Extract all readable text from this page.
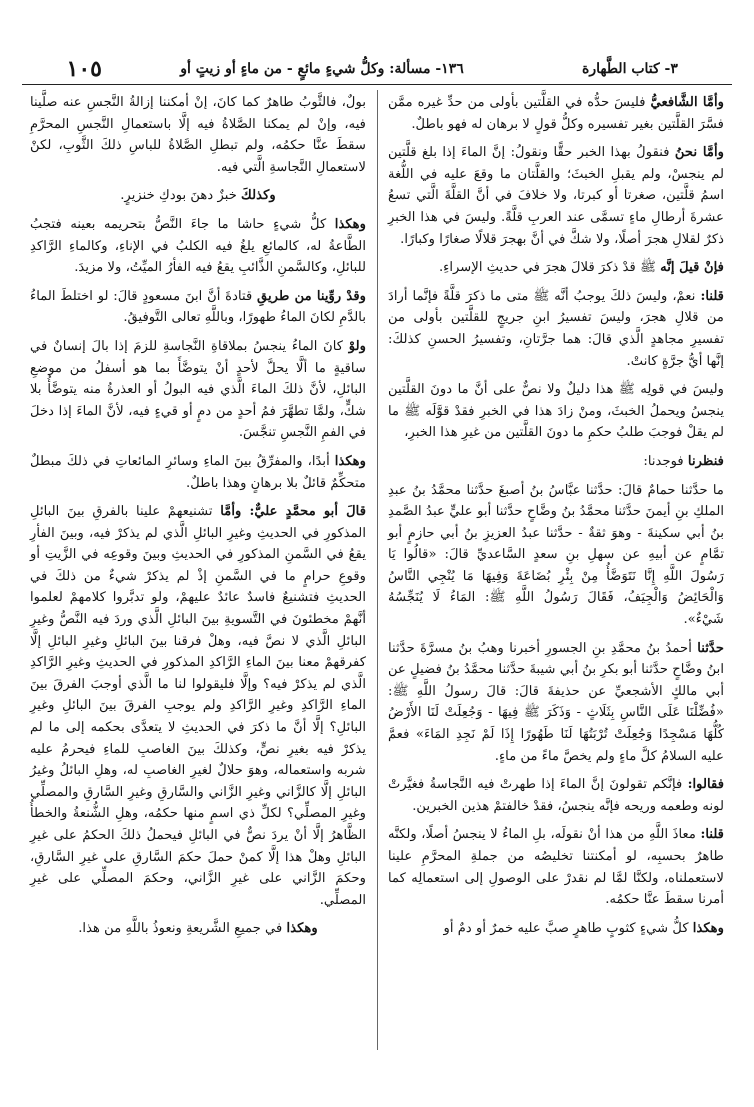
١٠٥	١٣٦- مسألة: وكلُّ شيءٍ مائعٍ - من ماءٍ أو زيتٍ أو	٣- كتاب الطَّهارة

وأمَّا الشَّافعيُّ فليسَ حدُّه في القلَّتين بأولى من حدِّ غيره ممَّن فسَّرَ القلَّتين بغير تفسيره وكلُّ قولٍ لا برهان له فهو باطلٌ.

وأمَّا نحنُ فنقولُ بهذا الخبر حقًّا ونقولُ: إنَّ الماءَ إذا بلغ قلَّتين لم ينجسْ، ولم يقبلِ الخبثَ؛ والقلَّتان ما وقعَ عليه في اللُّغة اسمُ قلَّتين، صغرتا أو كبرتا، ولا خلافَ في أنَّ القلَّةَ الَّتي تسعُ عشرةَ أرطالِ ماءٍ تسمَّى عند العربِ قلَّةً. وليسَ في هذا الخبرِ ذكرٌ لقلالِ هجرَ أصلًا، ولا شكَّ في أنَّ بهجرَ قلالًا صغارًا وكبارًا.

فإنْ قيلَ إنَّه ﷺ قدْ ذكرَ قلالَ هجرَ في حديثِ الإسراءِ.

قلنا: نعمْ، وليسَ ذلكَ يوجبُ أنَّه ﷺ متى ما ذكرَ قلَّةً فإنَّما أرادَ من قلالِ هجرَ، وليسَ تفسيرُ ابنِ جريجٍ للقلَّتين بأولى من تفسيرِ مجاهدٍ الَّذي قالَ: هما جرَّتانِ، وتفسيرُ الحسنِ كذلكَ: إنَّها أيُّ جرَّةٍ كانتْ.

وليسَ في قولِه ﷺ هذا دليلٌ ولا نصٌّ على أنَّ ما دونَ القلَّتين ينجسُ ويحملُ الخبثَ، ومنْ زادَ هذا في الخبرِ فقدْ قوَّلَه ﷺ ما لم يقلْ فوجبَ طلبُ حكمِ ما دونَ القلَّتين من غيرِ هذا الخبرِ،

فنظرنا فوجدنا:

ما حدَّثنا حمامٌ قالَ: حدَّثنا عبَّاسُ بنُ أصبغَ حدَّثنا محمَّدُ بنُ عبدِ الملكِ بنِ أيمنَ حدَّثنا محمَّدُ بنُ وضَّاحٍ حدَّثنا أبو عليٍّ عبدُ الصَّمدِ بنُ أبي سكينةَ - وهوَ ثقةٌ - حدَّثنا عبدُ العزيزِ بنُ أبي حازمٍ أبو تمَّامٍ عن أبيهِ عن سهلِ بنِ سعدٍ السَّاعديِّ قالَ: «قالُوا يَا رَسُولَ اللَّهِ إِنَّا نَتَوَضَّأُ مِنْ بِئْرِ بُضَاعَةَ وَفِيهَا مَا يُنْجِي النَّاسُ وَالْحَائِضُ وَالْجِيَفُ، فَقَالَ رَسُولُ اللَّهِ ﷺ: المَاءُ لَا يُنَجِّسُهُ شَيْءٌ».

حدَّثنا أحمدُ بنُ محمَّدِ بنِ الجسورِ أخبرنا وهبُ بنُ مسرَّةَ حدَّثنا ابنُ وضَّاحٍ حدَّثنا أبو بكرِ بنُ أبي شيبةَ حدَّثنا محمَّدُ بنُ فضيلٍ عن أبي مالكٍ الأشجعيِّ عن حذيفةَ قالَ: قالَ رسولُ اللَّهِ ﷺ: «فُضِّلْنَا عَلَى النَّاسِ بِثَلَاثٍ - وَذَكَرَ ﷺ فِيهَا - وَجُعِلَتْ لَنَا الأَرْضُ كُلُّهَا مَسْجِدًا وَجُعِلَتْ تُرْبَتُهَا لَنَا طَهُورًا إِذَا لَمْ نَجِدِ المَاءَ» فعمَّ عليه السلامُ كلَّ ماءٍ ولم يخصَّ ماءً من ماءٍ.

فقالوا: فإنَّكم تقولونَ إنَّ الماءَ إذا طهرتْ فيه النَّجاسةُ فغيَّرتْ لونه وطعمه وريحه فإنَّه ينجسُ، فقدْ خالفتمْ هذين الخبرين.

قلنا: معاذَ اللَّهِ من هذا أنْ نقولَه، بلِ الماءُ لا ينجسُ أصلًا، ولكنَّه طاهرٌ بحسبِه، لو أمكنتنا تخليصُه من جملةِ المحرَّمِ علينا لاستعملناه، ولكنَّا لمَّا لم نقدرْ على الوصولِ إلى استعمالِه كما أمرنا سقطَ عنَّا حكمُه.

وهكذا كلُّ شيءٍ كثوبٍ طاهرٍ صبَّ عليه خمرٌ أو دمٌ أو

بولٌ، فالثَّوبُ طاهرٌ كما كانَ، إنْ أمكننا إزالةُ النَّجسِ عنه صلَّينا فيه، وإنْ لم يمكنا الصَّلاةُ فيه إلَّا باستعمالِ النَّجسِ المحرَّمِ سقطَ عنَّا حكمُه، ولم تبطلِ الصَّلاةُ للباسِ ذلكَ الثَّوبِ، لكنْ لاستعمالِ النَّجاسةِ الَّتي فيه.

وكذلكَ خبزٌ دهنَ بودكِ خنزيرٍ.

وهكذا كلُّ شيءٍ حاشا ما جاءَ النَّصُّ بتحريمه بعينه فتجبُ الطَّاعةُ له، كالمائعِ يلغُ فيه الكلبُ في الإناءِ، وكالماءِ الرَّاكدِ للبائلِ، وكالسَّمنِ الذَّائبِ يقعُ فيه الفأرُ الميِّتُ، ولا مزيدَ.

وقدْ روِّينا من طريقِ قتادةَ أنَّ ابنَ مسعودٍ قالَ: لو اختلطَ الماءُ بالدَّمِ لكانَ الماءُ طهورًا، وباللَّهِ تعالى التَّوفيقُ.

ولوْ كانَ الماءُ ينجسُ بملاقاةِ النَّجاسةِ للزمَ إذا بالَ إنسانٌ في ساقيةٍ ما ألَّا يحلَّ لأحدٍ أنْ يتوضَّأَ بما هو أسفلُ من موضعِ البائلِ، لأنَّ ذلكَ الماءَ الَّذي فيه البولُ أو العذرةُ منه يتوضَّأُ بلا شكٍّ، ولمَّا تطهَّرَ فمُ أحدٍ من دمٍ أو قيءٍ فيه، لأنَّ الماءَ إذا دخلَ في الفمِ النَّجسِ تنجَّسَ.

وهكذا أبدًا، والمفرِّقُ بينَ الماءِ وسائرِ المائعاتِ في ذلكَ مبطلٌ متحكِّمٌ قائلٌ بلا برهانٍ وهذا باطلٌ.

قالَ أبو محمَّدٍ عليٌّ: وأمَّا تشنيعهمْ علينا بالفرقِ بينَ البائلِ المذكورِ في الحديثِ وغيرِ البائلِ الَّذي لم يذكرْ فيه، وبينَ الفأرِ يقعُ في السَّمنِ المذكورِ في الحديثِ وبينَ وقوعِه في الزَّيتِ أو وقوعِ حرامٍ ما في السَّمنِ إذْ لم يذكرْ شيءٌ من ذلكَ في الحديثِ فتشنيعٌ فاسدٌ عائدٌ عليهمْ، ولو تدبَّروا كلامهمْ لعلموا أنَّهمْ مخطئونَ في التَّسويةِ بينَ البائلِ الَّذي وردَ فيه النَّصُّ وغيرِ البائلِ الَّذي لا نصَّ فيه، وهلْ فرقنا بينَ البائلِ وغيرِ البائلِ إلَّا كفرقهمْ معنا بينَ الماءِ الرَّاكدِ المذكورِ في الحديثِ وغيرِ الرَّاكدِ الَّذي لم يذكرْ فيه؟ وإلَّا فليقولوا لنا ما الَّذي أوجبَ الفرقَ بينَ الماءِ الرَّاكدِ وغيرِ الرَّاكدِ ولم يوجبِ الفرقَ بينَ البائلِ وغيرِ البائلِ؟ إلَّا أنَّ ما ذكرَ في الحديثِ لا يتعدَّى بحكمه إلى ما لم يذكرْ فيه بغيرِ نصٍّ، وكذلكَ بينَ الغاصبِ للماءِ فيحرمُ عليه شربه واستعماله، وهوَ حلالٌ لغيرِ الغاصبِ له، وهلِ البائلُ وغيرُ البائلِ إلَّا كالزَّاني وغيرِ الزَّاني والسَّارقِ وغيرِ السَّارقِ والمصلِّي وغيرِ المصلِّي؟ لكلِّ ذي اسمٍ منها حكمُه، وهلِ الشُّنعةُ والخطأُ الظَّاهرُ إلَّا أنْ يردَ نصٌّ في البائلِ فيحملُ ذلكَ الحكمُ على غيرِ البائلِ وهلْ هذا إلَّا كمنْ حملَ حكمَ السَّارقِ على غيرِ السَّارقِ، وحكمَ الزَّاني على غيرِ الزَّاني، وحكمَ المصلِّي على غيرِ المصلِّي.

وهكذا في جميعِ الشَّريعةِ ونعوذُ باللَّهِ من هذا.
